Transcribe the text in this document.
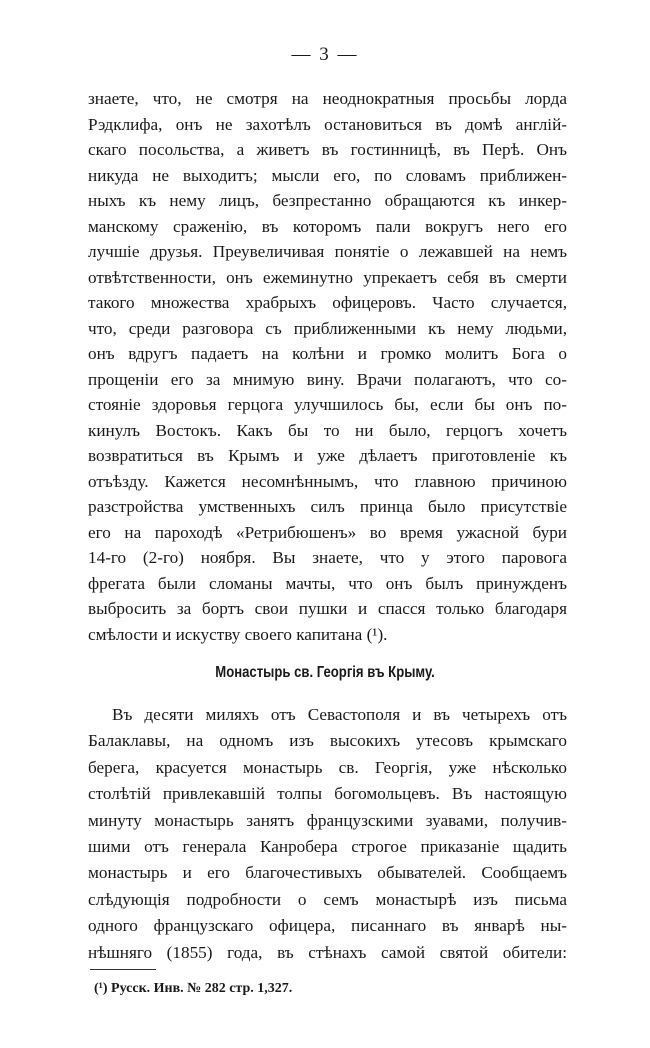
— 3 —
знаете, что, не смотря на неоднократныя просьбы лорда
Рэдклифа, онъ не захотѣлъ остановиться въ домѣ англій-
скаго посольства, а живетъ въ гостинницѣ, въ Перѣ. Онъ
никуда не выходитъ; мысли его, по словамъ приближен-
ныхъ къ нему лицъ, безпрестанно обращаются къ инкер-
манскому сраженію, въ которомъ пали вокругъ него его
лучшіе друзья. Преувеличивая понятіе о лежавшей на немъ
отвѣтственности, онъ ежеминутно упрекаетъ себя въ смерти
такого множества храбрыхъ офицеровъ. Часто случается,
что, среди разговора съ приближенными къ нему людьми,
онъ вдругъ падаетъ на колѣни и громко молитъ Бога о
прощеніи его за мнимую вину. Врачи полагаютъ, что со-
стояніе здоровья герцога улучшилось бы, если бы онъ по-
кинулъ Востокъ. Какъ бы то ни было, герцогъ хочетъ
возвратиться въ Крымъ и уже дѣлаетъ приготовленіе къ
отъѣзду. Кажется несомнѣннымъ, что главною причиною
разстройства умственныхъ силъ принца было присутствіе
его на пароходѣ «Ретрибюшенъ» во время ужасной бури
14-го (2-го) ноября. Вы знаете, что у этого паровога
фрегата были сломаны мачты, что онъ былъ принужденъ
выбросить за бортъ свои пушки и спасся только благодаря
смѣлости и искуству своего капитана (¹).
Монастырь св. Георгія въ Крыму.
Въ десяти миляхъ отъ Севастополя и въ четырехъ отъ
Балаклавы, на одномъ изъ высокихъ утесовъ крымскаго
берега, красуется монастырь св. Георгія, уже нѣсколько
столѣтій привлекавшій толпы богомольцевъ. Въ настоящую
минуту монастырь занятъ французскими зуавами, получив-
шими отъ генерала Канробера строгое приказаніе щадить
монастырь и его благочестивыхъ обывателей. Сообщаемъ
слѣдующія подробности о семъ монастырѣ изъ письма
одного французскаго офицера, писаннаго въ январѣ ны-
нѣшняго (1855) года, въ стѣнахъ самой святой обители:
(¹) Русск. Инв. № 282 стр. 1,327.
